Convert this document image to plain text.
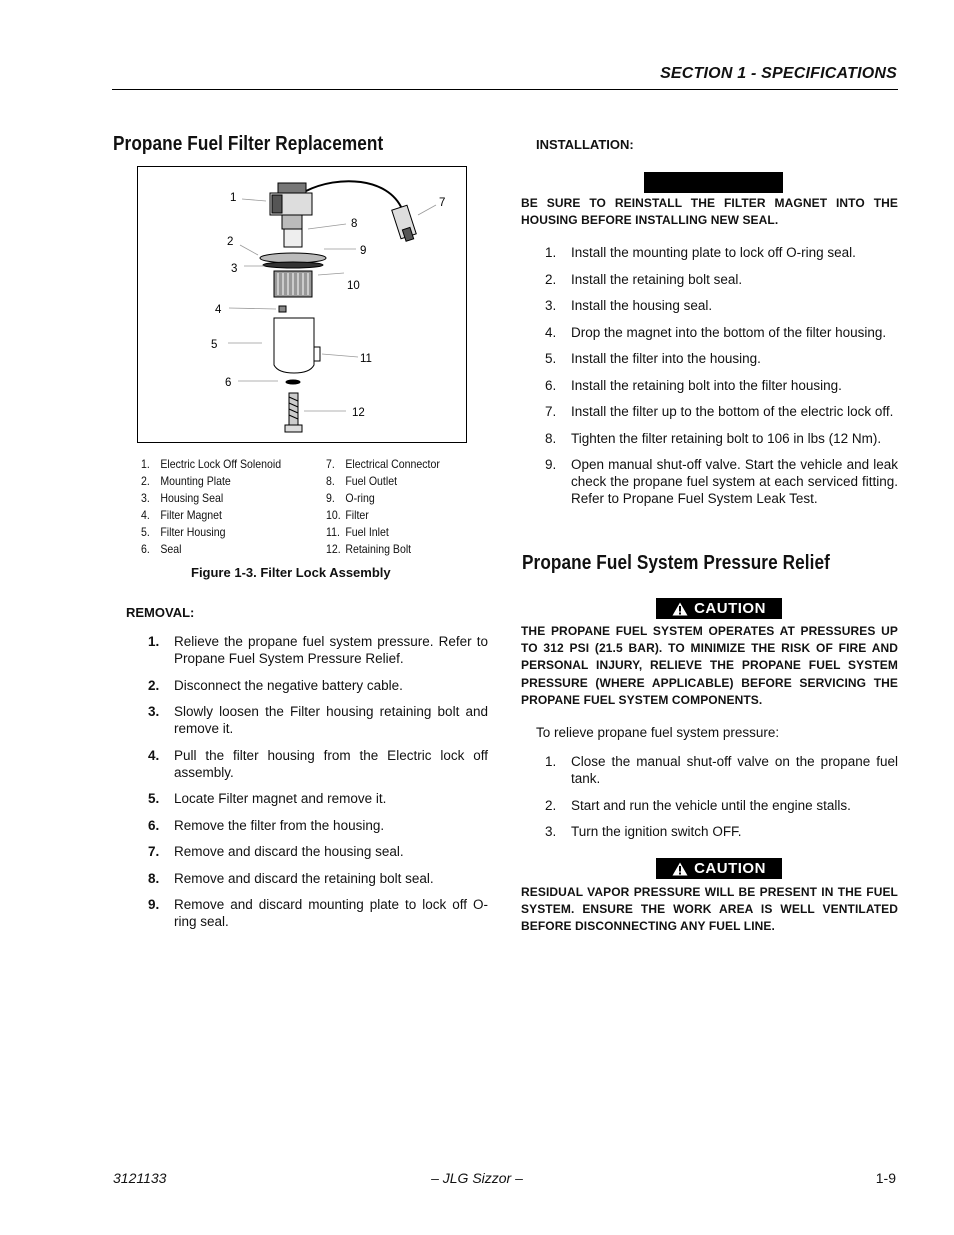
SECTION 1 - SPECIFICATIONS
Propane Fuel Filter Replacement
1
2
3
4
5
6
7
8
9
10
11
12
1. Electric Lock Off Solenoid
2. Mounting Plate
3. Housing Seal
4. Filter Magnet
5. Filter Housing
6. Seal
7. Electrical Connector
8. Fuel Outlet
9. O-ring
10. Filter
11. Fuel Inlet
12. Retaining Bolt
Figure 1-3. Filter Lock Assembly
REMOVAL:
1. Relieve the propane fuel system pressure. Refer to Propane Fuel System Pressure Relief.
2. Disconnect the negative battery cable.
3. Slowly loosen the Filter housing retaining bolt and remove it.
4. Pull the filter housing from the Electric lock off assembly.
5. Locate Filter magnet and remove it.
6. Remove the filter from the housing.
7. Remove and discard the housing seal.
8. Remove and discard the retaining bolt seal.
9. Remove and discard mounting plate to lock off O-ring seal.
INSTALLATION:
BE SURE TO REINSTALL THE FILTER MAGNET INTO THE HOUSING BEFORE INSTALLING NEW SEAL.
1. Install the mounting plate to lock off O-ring seal.
2. Install the retaining bolt seal.
3. Install the housing seal.
4. Drop the magnet into the bottom of the filter housing.
5. Install the filter into the housing.
6. Install the retaining bolt into the filter housing.
7. Install the filter up to the bottom of the electric lock off.
8. Tighten the filter retaining bolt to 106 in lbs (12 Nm).
9. Open manual shut-off valve. Start the vehicle and leak check the propane fuel system at each serviced fitting. Refer to Propane Fuel System Leak Test.
Propane Fuel System Pressure Relief
CAUTION
THE PROPANE FUEL SYSTEM OPERATES AT PRESSURES UP TO 312 PSI (21.5 BAR). TO MINIMIZE THE RISK OF FIRE AND PERSONAL INJURY, RELIEVE THE PROPANE FUEL SYSTEM PRESSURE (WHERE APPLICABLE) BEFORE SERVICING THE PROPANE FUEL SYSTEM COMPONENTS.
To relieve propane fuel system pressure:
1. Close the manual shut-off valve on the propane fuel tank.
2. Start and run the vehicle until the engine stalls.
3. Turn the ignition switch OFF.
CAUTION
RESIDUAL VAPOR PRESSURE WILL BE PRESENT IN THE FUEL SYSTEM. ENSURE THE WORK AREA IS WELL VENTILATED BEFORE DISCONNECTING ANY FUEL LINE.
– JLG Sizzor –
3121133	1-9
